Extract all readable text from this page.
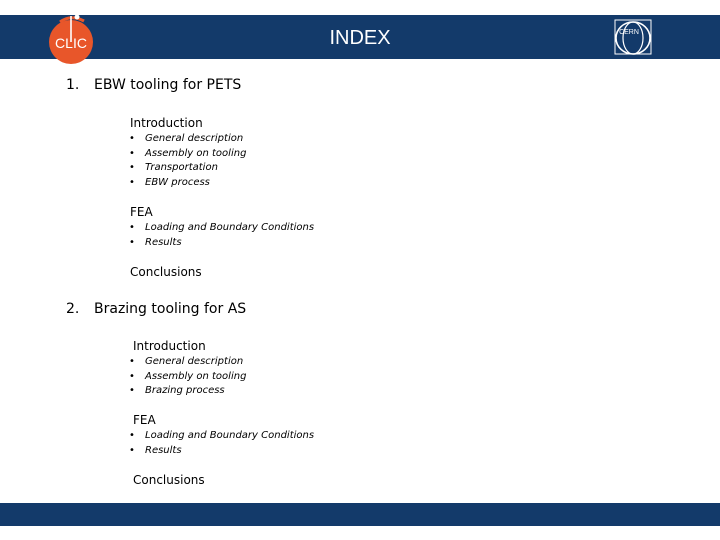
CLIC
CERN
INDEX
1. EBW tooling for PETS
Introduction
• General description
• Assembly on tooling
• Transportation
• EBW process
FEA
• Loading and Boundary Conditions
• Results
Conclusions
2. Brazing tooling for AS
Introduction
• General description
• Assembly on tooling
• Brazing process
FEA
• Loading and Boundary Conditions
• Results
Conclusions
